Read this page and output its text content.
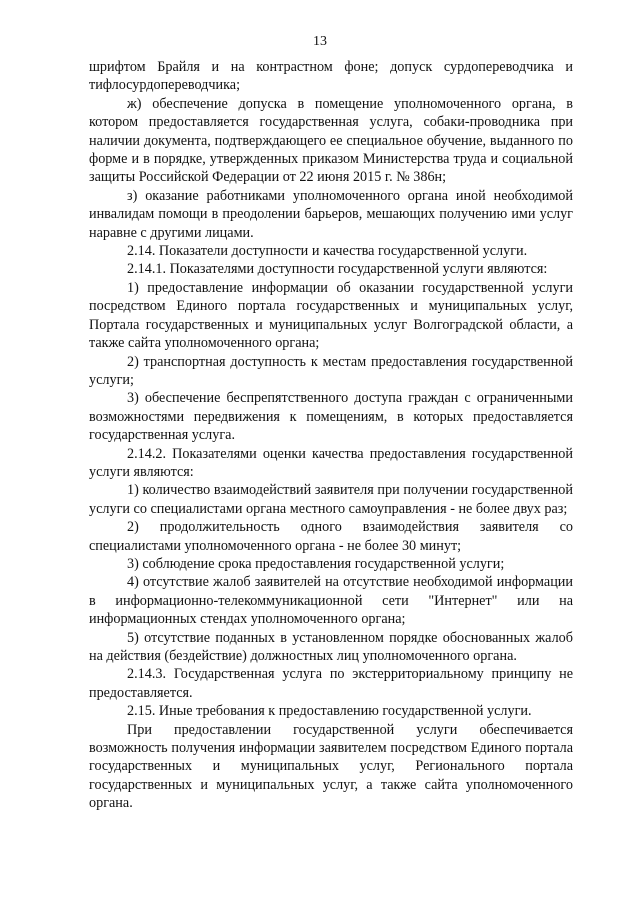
13

шрифтом Брайля и на контрастном фоне; допуск сурдопереводчика и тифлосурдопереводчика;

ж) обеспечение допуска в помещение уполномоченного органа, в котором предоставляется государственная услуга, собаки-проводника при наличии документа, подтверждающего ее специальное обучение, выданного по форме и в порядке, утвержденных приказом Министерства труда и социальной защиты Российской Федерации от 22 июня 2015 г. № 386н;

з) оказание работниками уполномоченного органа иной необходимой инвалидам помощи в преодолении барьеров, мешающих получению ими услуг наравне с другими лицами.

2.14. Показатели доступности и качества государственной услуги.

2.14.1. Показателями доступности государственной услуги являются:

1) предоставление информации об оказании государственной услуги посредством Единого портала государственных и муниципальных услуг, Портала государственных и муниципальных услуг Волгоградской области, а также сайта уполномоченного органа;

2) транспортная доступность к местам предоставления государственной услуги;

3) обеспечение беспрепятственного доступа граждан с ограниченными возможностями передвижения к помещениям, в которых предоставляется государственная услуга.

2.14.2. Показателями оценки качества предоставления государственной услуги являются:

1) количество взаимодействий заявителя при получении государственной услуги со специалистами органа местного самоуправления - не более двух раз;

2) продолжительность одного взаимодействия заявителя со специалистами уполномоченного органа - не более 30 минут;

3) соблюдение срока предоставления государственной услуги;

4) отсутствие жалоб заявителей на отсутствие необходимой информации в информационно-телекоммуникационной сети "Интернет" или на информационных стендах уполномоченного органа;

5) отсутствие поданных в установленном порядке обоснованных жалоб на действия (бездействие) должностных лиц уполномоченного органа.

2.14.3. Государственная услуга по экстерриториальному принципу не предоставляется.

2.15. Иные требования к предоставлению государственной услуги.

При предоставлении государственной услуги обеспечивается возможность получения информации заявителем посредством Единого портала государственных и муниципальных услуг, Регионального портала государственных и муниципальных услуг, а также сайта уполномоченного органа.
